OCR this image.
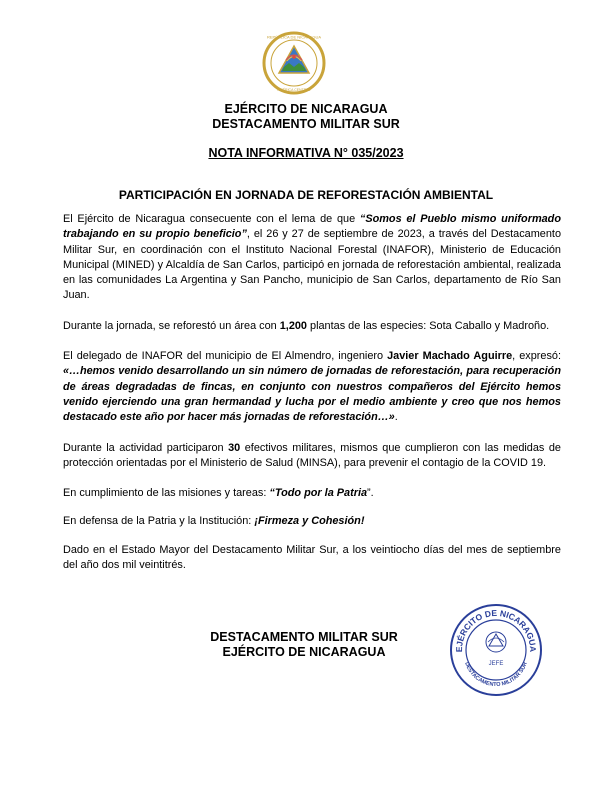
REPÚBLICA DE NICARAGUA
AMÉRICA CENTRAL
EJÉRCITO DE NICARAGUA
DESTACAMENTO MILITAR SUR
NOTA INFORMATIVA N° 035/2023
PARTICIPACIÓN EN JORNADA DE REFORESTACIÓN AMBIENTAL

El Ejército de Nicaragua consecuente con el lema de que “Somos el Pueblo mismo uniformado trabajando en su propio beneficio”, el 26 y 27 de septiembre de 2023, a través del Destacamento Militar Sur, en coordinación con el Instituto Nacional Forestal (INAFOR), Ministerio de Educación Municipal (MINED) y Alcaldía de San Carlos, participó en jornada de reforestación ambiental, realizada en las comunidades La Argentina y San Pancho, municipio de San Carlos, departamento de Río San Juan.

Durante la jornada, se reforestó un área con 1,200 plantas de las especies: Sota Caballo y Madroño.

El delegado de INAFOR del municipio de El Almendro, ingeniero Javier Machado Aguirre, expresó: «…hemos venido desarrollando un sin número de jornadas de reforestación, para recuperación de áreas degradadas de fincas, en conjunto con nuestros compañeros del Ejército hemos venido ejerciendo una gran hermandad y lucha por el medio ambiente y creo que nos hemos destacado este año por hacer más jornadas de reforestación…».

Durante la actividad participaron 30 efectivos militares, mismos que cumplieron con las medidas de protección orientadas por el Ministerio de Salud (MINSA), para prevenir el contagio de la COVID 19.

En cumplimiento de las misiones y tareas: “Todo por la Patria”.

En defensa de la Patria y la Institución: ¡Firmeza y Cohesión!

Dado en el Estado Mayor del Destacamento Militar Sur, a los veintiocho días del mes de septiembre del año dos mil veintitrés.

DESTACAMENTO MILITAR SUR
EJÉRCITO DE NICARAGUA	EJÉRCITO DE NICARAGUA
DESTACAMENTO MILITAR SUR
JEFE
